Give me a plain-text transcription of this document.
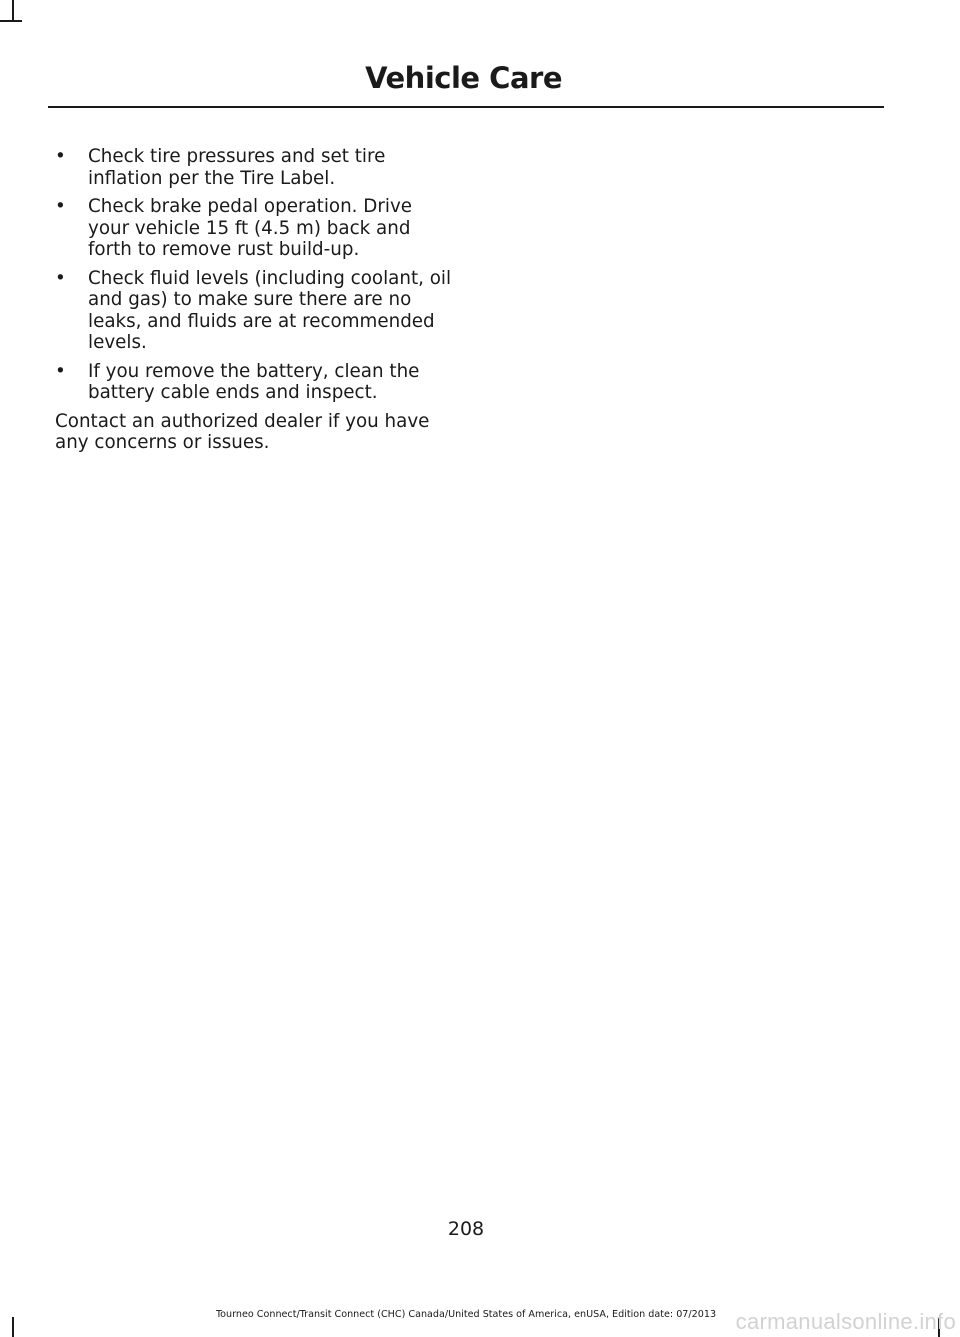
Vehicle Care
•	Check tire pressures and set tire inflation per the Tire Label.
•	Check brake pedal operation. Drive your vehicle 15 ft (4.5 m) back and forth to remove rust build-up.
•	Check fluid levels (including coolant, oil and gas) to make sure there are no leaks, and fluids are at recommended levels.
•	If you remove the battery, clean the battery cable ends and inspect.

Contact an authorized dealer if you have any concerns or issues.

208
Tourneo Connect/Transit Connect (CHC) Canada/United States of America, enUSA, Edition date: 07/2013 carmanualsonline.info
